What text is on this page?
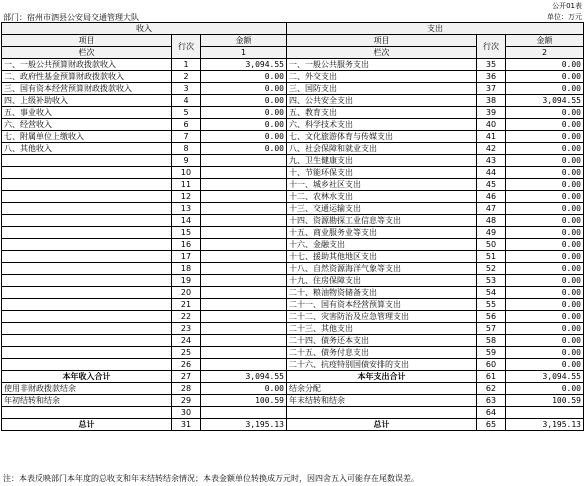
公开01表
部门：宿州市泗县公安局交通管理大队	单位：万元
收入			支出		
项目	行次	金额	项目	行次	金额
栏次		1	栏次		2
一、一般公共预算财政拨款收入	1	3,094.55	一、一般公共服务支出	35	0.00
二、政府性基金预算财政拨款收入	2	0.00	二、外交支出	36	0.00
三、国有资本经营预算财政拨款收入	3	0.00	三、国防支出	37	0.00
四、上级补助收入	4	0.00	四、公共安全支出	38	3,094.55
五、事业收入	5	0.00	五、教育支出	39	0.00
六、经营收入	6	0.00	六、科学技术支出	40	0.00
七、附属单位上缴收入	7	0.00	七、文化旅游体育与传媒支出	41	0.00
八、其他收入	8	0.00	八、社会保障和就业支出	42	0.00
	9		九、卫生健康支出	43	0.00
	10		十、节能环保支出	44	0.00
	11		十一、城乡社区支出	45	0.00
	12		十二、农林水支出	46	0.00
	13		十三、交通运输支出	47	0.00
	14		十四、资源勘探工业信息等支出	48	0.00
	15		十五、商业服务业等支出	49	0.00
	16		十六、金融支出	50	0.00
	17		十七、援助其他地区支出	51	0.00
	18		十八、自然资源海洋气象等支出	52	0.00
	19		十九、住房保障支出	53	0.00
	20		二十、粮油物资储备支出	54	0.00
	21		二十一、国有资本经营预算支出	55	0.00
	22		二十二、灾害防治及应急管理支出	56	0.00
	23		二十三、其他支出	57	0.00
	24		二十四、债务还本支出	58	0.00
	25		二十五、债务付息支出	59	0.00
	26		二十六、抗疫特别国债安排的支出	60	0.00
本年收入合计	27	3,094.55	本年支出合计	61	3,094.55
使用非财政拨款结余	28	0.00	结余分配	62	0.00
年初结转和结余	29	100.59	年末结转和结余	63	100.59
	30			64	
总计	31	3,195.13	总计	65	3,195.13
注：本表反映部门本年度的总收支和年末结转结余情况；本表金额单位转换成万元时，因四舍五入可能存在尾数误差。
